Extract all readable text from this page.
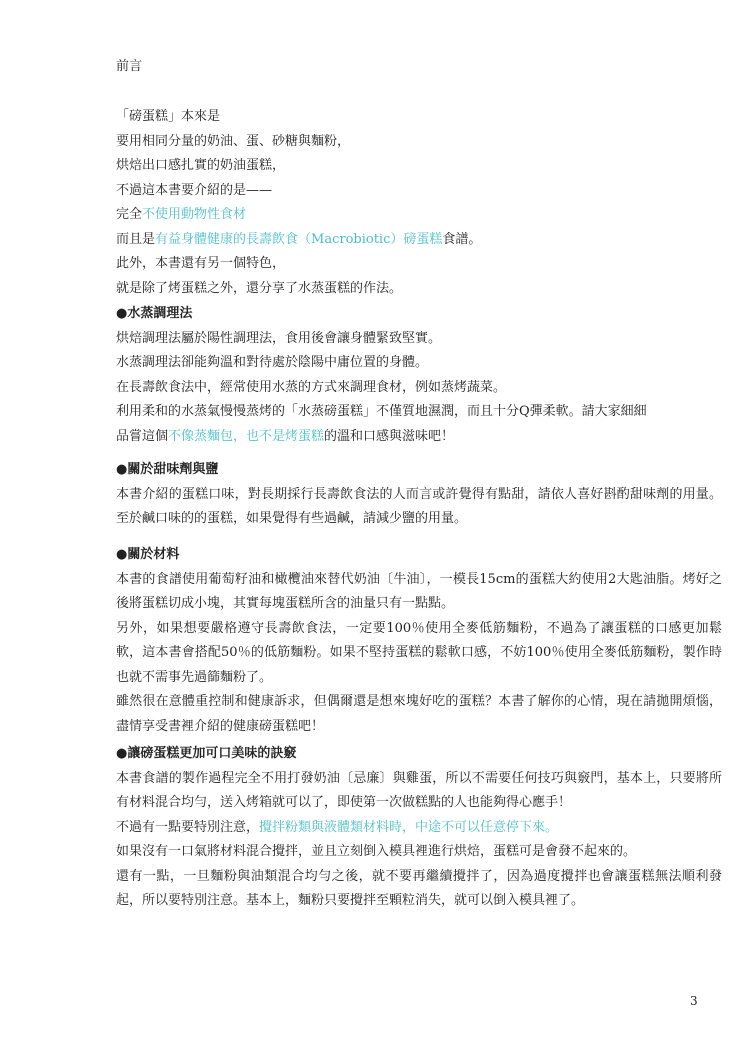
前言

「磅蛋糕」本來是

要用相同分量的奶油、蛋、砂糖與麵粉，

烘焙出口感扎實的奶油蛋糕，

不過這本書要介紹的是——

完全不使用動物性食材

而且是有益身體健康的長壽飲食（Macrobiotic）磅蛋糕食譜。

此外，本書還有另一個特色，

就是除了烤蛋糕之外，還分享了水蒸蛋糕的作法。

●水蒸調理法

烘焙調理法屬於陽性調理法，食用後會讓身體緊致堅實。

水蒸調理法卻能夠溫和對待處於陰陽中庸位置的身體。

在長壽飲食法中，經常使用水蒸的方式來調理食材，例如蒸烤蔬菜。

利用柔和的水蒸氣慢慢蒸烤的「水蒸磅蛋糕」不僅質地濕潤，而且十分Q彈柔軟。請大家細細

品嘗這個不像蒸麵包，也不是烤蛋糕的溫和口感與滋味吧！

●關於甜味劑與鹽

本書介紹的蛋糕口味，對長期採行長壽飲食法的人而言或許覺得有點甜，請依人喜好斟酌甜味劑的用量。至於鹹口味的的蛋糕，如果覺得有些過鹹，請減少鹽的用量。

●關於材料

本書的食譜使用葡萄籽油和橄欖油來替代奶油〔牛油〕，一模長15cm的蛋糕大約使用2大匙油脂。烤好之後將蛋糕切成小塊，其實每塊蛋糕所含的油量只有一點點。

另外，如果想要嚴格遵守長壽飲食法，一定要100％使用全麥低筋麵粉，不過為了讓蛋糕的口感更加鬆軟，這本書會搭配50％的低筋麵粉。如果不堅持蛋糕的鬆軟口感，不妨100％使用全麥低筋麵粉，製作時也就不需事先過篩麵粉了。

雖然很在意體重控制和健康訴求，但偶爾還是想來塊好吃的蛋糕？本書了解你的心情，現在請拋開煩惱，盡情享受書裡介紹的健康磅蛋糕吧！

●讓磅蛋糕更加可口美味的訣竅

本書食譜的製作過程完全不用打發奶油〔忌廉〕與雞蛋，所以不需要任何技巧與竅門，基本上，只要將所有材料混合均勻，送入烤箱就可以了，即使第一次做糕點的人也能夠得心應手！

不過有一點要特別注意，攪拌粉類與液體類材料時，中途不可以任意停下來。

如果沒有一口氣將材料混合攪拌，並且立刻倒入模具裡進行烘焙，蛋糕可是會發不起來的。

還有一點，一旦麵粉與油類混合均勻之後，就不要再繼續攪拌了，因為過度攪拌也會讓蛋糕無法順利發起，所以要特別注意。基本上，麵粉只要攪拌至顆粒消失，就可以倒入模具裡了。

3
